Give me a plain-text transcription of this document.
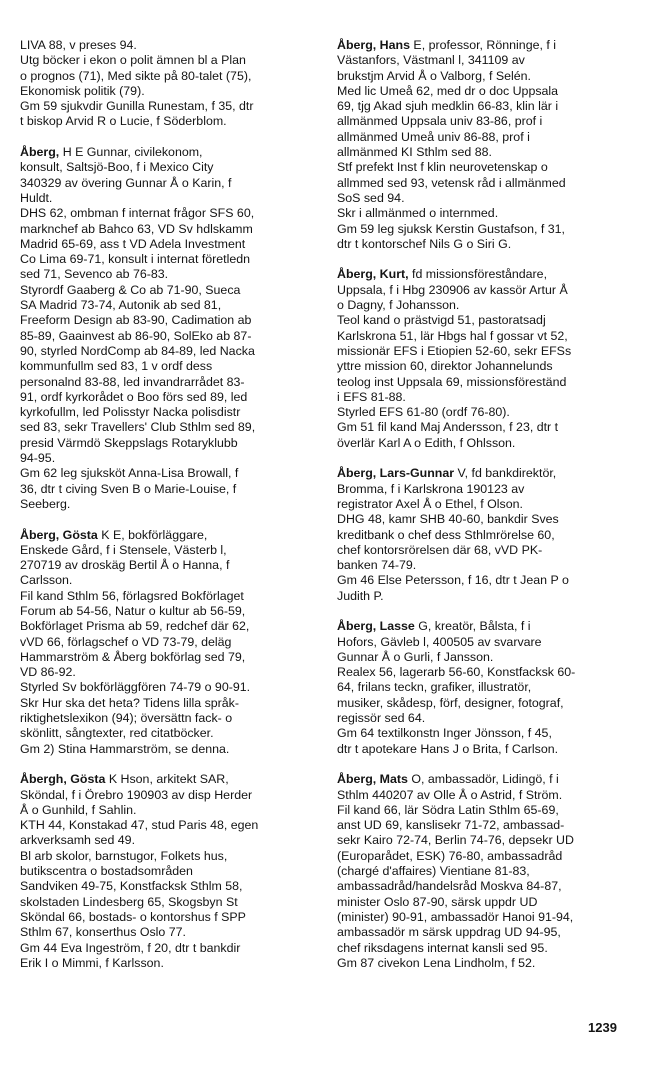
LIVA 88, v preses 94.
Utg böcker i ekon o polit ämnen bl a Plan
o prognos (71), Med sikte på 80-talet (75),
Ekonomisk politik (79).
Gm 59 sjukvdir Gunilla Runestam, f 35, dtr
t biskop Arvid R o Lucie, f Söderblom.
Åberg, H E Gunnar, civilekonom,
konsult, Saltsjö-Boo, f i Mexico City
340329 av övering Gunnar Å o Karin, f
Huldt.
DHS 62, ombman f internat frågor SFS 60,
marknchef ab Bahco 63, VD Sv hdlskamm
Madrid 65-69, ass t VD Adela Investment
Co Lima 69-71, konsult i internat företledn
sed 71, Sevenco ab 76-83.
Styrordf Gaaberg & Co ab 71-90, Sueca
SA Madrid 73-74, Autonik ab sed 81,
Freeform Design ab 83-90, Cadimation ab
85-89, Gaainvest ab 86-90, SolEko ab 87-
90, styrled NordComp ab 84-89, led Nacka
kommunfullm sed 83, 1 v ordf dess
personalnd 83-88, led invandrarrådet 83-
91, ordf kyrkorådet o Boo förs sed 89, led
kyrkofullm, led Polisstyr Nacka polisdistr
sed 83, sekr Travellers' Club Sthlm sed 89,
presid Värmdö Skeppslags Rotaryklubb
94-95.
Gm 62 leg sjuksköt Anna-Lisa Browall, f
36, dtr t civing Sven B o Marie-Louise, f
Seeberg.
Åberg, Gösta K E, bokförläggare,
Enskede Gård, f i Stensele, Västerb l,
270719 av droskäg Bertil Å o Hanna, f
Carlsson.
Fil kand Sthlm 56, förlagsred Bokförlaget
Forum ab 54-56, Natur o kultur ab 56-59,
Bokförlaget Prisma ab 59, redchef där 62,
vVD 66, förlagschef o VD 73-79, deläg
Hammarström & Åberg bokförlag sed 79,
VD 86-92.
Styrled Sv bokförläggfören 74-79 o 90-91.
Skr Hur ska det heta? Tidens lilla språk-
riktighetslexikon (94); översättn fack- o
skönlitt, sångtexter, red citatböcker.
Gm 2) Stina Hammarström, se denna.
Åbergh, Gösta K Hson, arkitekt SAR,
Sköndal, f i Örebro 190903 av disp Herder
Å o Gunhild, f Sahlin.
KTH 44, Konstakad 47, stud Paris 48, egen
arkverksamh sed 49.
Bl arb skolor, barnstugor, Folkets hus,
butikscentra o bostadsområden
Sandviken 49-75, Konstfacksk Sthlm 58,
skolstaden Lindesberg 65, Skogsbyn St
Sköndal 66, bostads- o kontorshus f SPP
Sthlm 67, konserthus Oslo 77.
Gm 44 Eva Ingeström, f 20, dtr t bankdir
Erik I o Mimmi, f Karlsson.
Åberg, Hans E, professor, Rönninge, f i
Västanfors, Västmanl l, 341109 av
brukstjm Arvid Å o Valborg, f Selén.
Med lic Umeå 62, med dr o doc Uppsala
69, tjg Akad sjuh medklin 66-83, klin lär i
allmänmed Uppsala univ 83-86, prof i
allmänmed Umeå univ 86-88, prof i
allmänmed KI Sthlm sed 88.
Stf prefekt Inst f klin neurovetenskap o
allmmed sed 93, vetensk råd i allmänmed
SoS sed 94.
Skr i allmänmed o internmed.
Gm 59 leg sjuksk Kerstin Gustafson, f 31,
dtr t kontorschef Nils G o Siri G.
Åberg, Kurt, fd missionsföreståndare,
Uppsala, f i Hbg 230906 av kassör Artur Å
o Dagny, f Johansson.
Teol kand o prästvigd 51, pastoratsadj
Karlskrona 51, lär Hbgs hal f gossar vt 52,
missionär EFS i Etiopien 52-60, sekr EFSs
yttre mission 60, direktor Johannelunds
teolog inst Uppsala 69, missionsföreständ
i EFS 81-88.
Styrled EFS 61-80 (ordf 76-80).
Gm 51 fil kand Maj Andersson, f 23, dtr t
överlär Karl A o Edith, f Ohlsson.
Åberg, Lars-Gunnar V, fd bankdirektör,
Bromma, f i Karlskrona 190123 av
registrator Axel Å o Ethel, f Olson.
DHG 48, kamr SHB 40-60, bankdir Sves
kreditbank o chef dess Sthlmrörelse 60,
chef kontorsrörelsen där 68, vVD PK-
banken 74-79.
Gm 46 Else Petersson, f 16, dtr t Jean P o
Judith P.
Åberg, Lasse G, kreatör, Bålsta, f i
Hofors, Gävleb l, 400505 av svarvare
Gunnar Å o Gurli, f Jansson.
Realex 56, lagerarb 56-60, Konstfacksk 60-
64, frilans teckn, grafiker, illustratör,
musiker, skådesp, förf, designer, fotograf,
regissör sed 64.
Gm 64 textilkonstn Inger Jönsson, f 45,
dtr t apotekare Hans J o Brita, f Carlson.
Åberg, Mats O, ambassadör, Lidingö, f i
Sthlm 440207 av Olle Å o Astrid, f Ström.
Fil kand 66, lär Södra Latin Sthlm 65-69,
anst UD 69, kanslisekr 71-72, ambassad-
sekr Kairo 72-74, Berlin 74-76, depsekr UD
(Europarådet, ESK) 76-80, ambassadråd
(chargé d'affaires) Vientiane 81-83,
ambassadråd/handelsråd Moskva 84-87,
minister Oslo 87-90, särsk uppdr UD
(minister) 90-91, ambassadör Hanoi 91-94,
ambassadör m särsk uppdrag UD 94-95,
chef riksdagens internat kansli sed 95.
Gm 87 civekon Lena Lindholm, f 52.
1239
